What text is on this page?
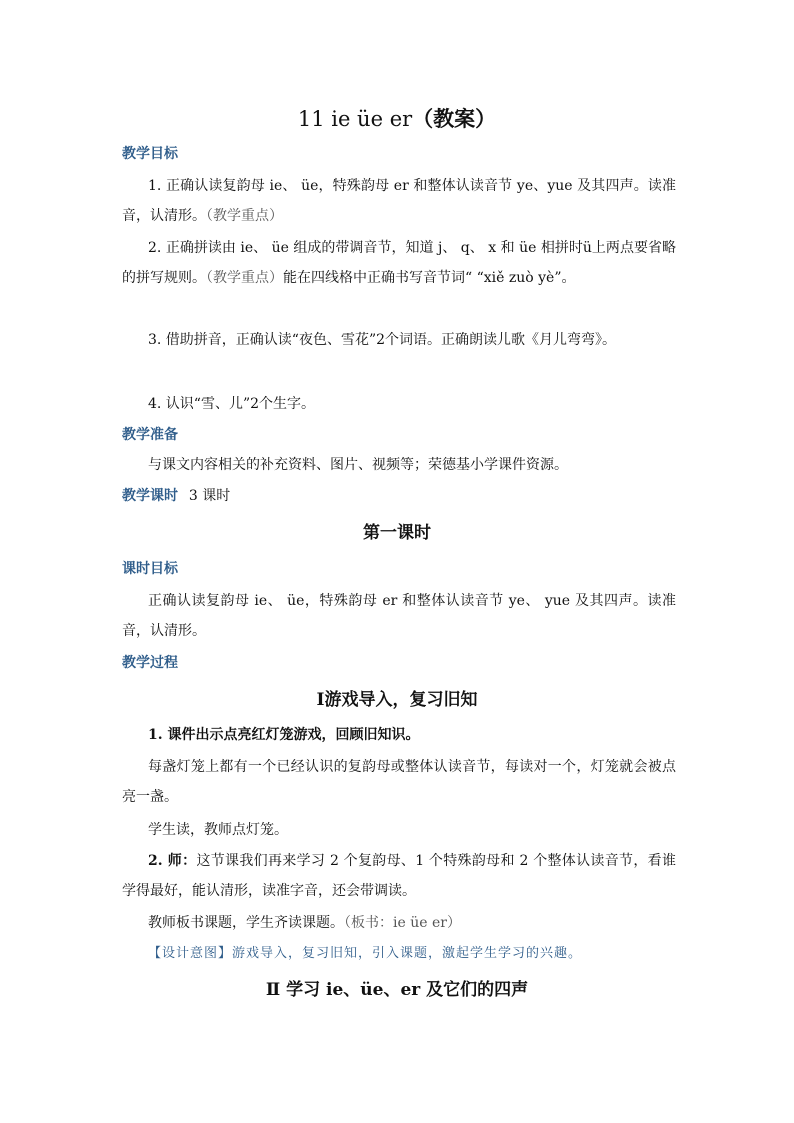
11 ie üe er（教案）
教学目标
1. 正确认读复韵母 ie、 üe，特殊韵母 er 和整体认读音节 ye、yue 及其四声。读准音，认清形。（教学重点）
2. 正确拼读由 ie、 üe 组成的带调音节，知道 j、 q、 x 和 üe 相拼时ü上两点要省略的拼写规则。（教学重点）能在四线格中正确书写音节词“ “xiě zuò yè”。
3. 借助拼音，正确认读“夜色、雪花”2个词语。正确朗读儿歌《月儿弯弯》。
4. 认识“雪、儿”2个生字。
教学准备
与课文内容相关的补充资料、图片、视频等；荣德基小学课件资源。
教学课时 3 课时
第一课时
课时目标
正确认读复韵母 ie、 üe，特殊韵母 er 和整体认读音节 ye、 yue 及其四声。读准音，认清形。
教学过程
Ⅰ游戏导入，复习旧知
1. 课件出示点亮红灯笼游戏，回顾旧知识。
每盏灯笼上都有一个已经认识的复韵母或整体认读音节，每读对一个，灯笼就会被点亮一盏。
学生读，教师点灯笼。
2. 师：这节课我们再来学习 2 个复韵母、1 个特殊韵母和 2 个整体认读音节，看谁学得最好，能认清形，读准字音，还会带调读。
教师板书课题，学生齐读课题。（板书：ie üe er）
【设计意图】游戏导入，复习旧知，引入课题，激起学生学习的兴趣。
Ⅱ 学习 ie、üe、er 及它们的四声
